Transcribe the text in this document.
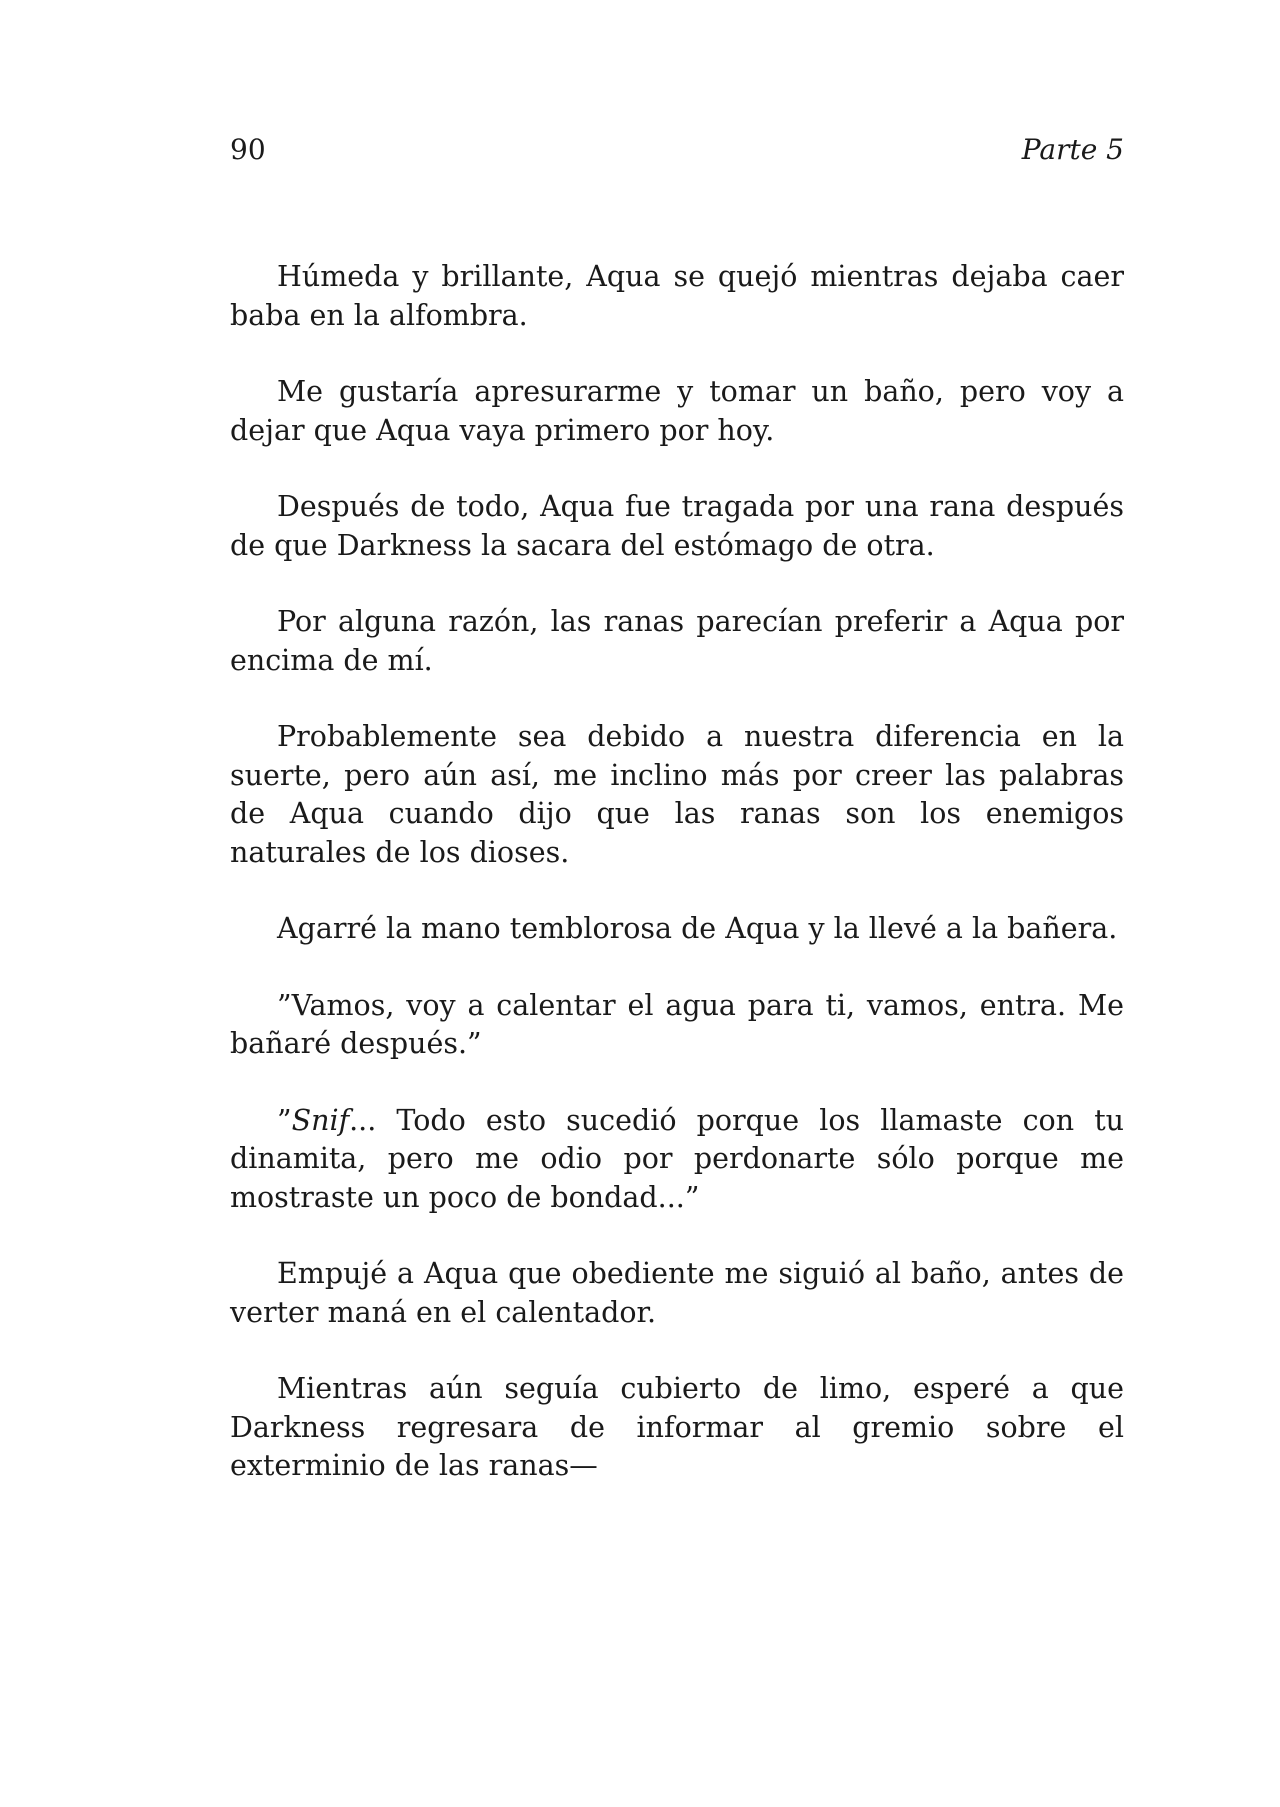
90	Parte 5

Húmeda y brillante, Aqua se quejó mientras dejaba caer baba en la alfombra.

Me gustaría apresurarme y tomar un baño, pero voy a dejar que Aqua vaya primero por hoy.

Después de todo, Aqua fue tragada por una rana después de que Darkness la sacara del estómago de otra.

Por alguna razón, las ranas parecían preferir a Aqua por encima de mí.

Probablemente sea debido a nuestra diferencia en la suerte, pero aún así, me inclino más por creer las palabras de Aqua cuando dijo que las ranas son los enemigos naturales de los dioses.

Agarré la mano temblorosa de Aqua y la llevé a la bañera.

”Vamos, voy a calentar el agua para ti, vamos, entra. Me bañaré después.”

”Snif... Todo esto sucedió porque los llamaste con tu dinamita, pero me odio por perdonarte sólo porque me mostraste un poco de bondad...”

Empujé a Aqua que obediente me siguió al baño, antes de verter maná en el calentador.

Mientras aún seguía cubierto de limo, esperé a que Darkness regresara de informar al gremio sobre el exterminio de las ranas—
